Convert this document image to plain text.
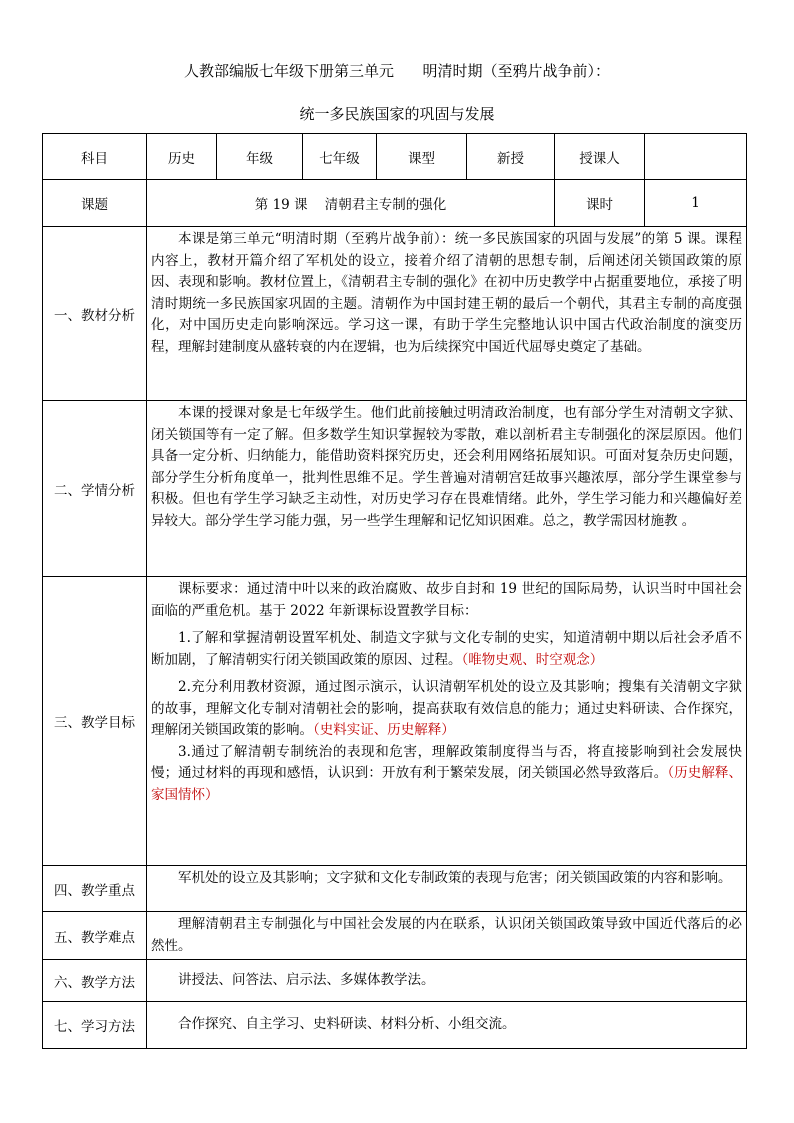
人教部编版七年级下册第三单元      明清时期（至鸦片战争前）：
统一多民族国家的巩固与发展
科目	历史	年级	七年级	课型	新授	授课人	
课题	第 19 课    清朝君主专制的强化					课时	1
一、教材分析	本课是第三单元“明清时期（至鸦片战争前）：统一多民族国家的巩固与发展”的第 5 课。课程内容上，教材开篇介绍了军机处的设立，接着介绍了清朝的思想专制，后阐述闭关锁国政策的原因、表现和影响。教材位置上，《清朝君主专制的强化》在初中历史教学中占据重要地位，承接了明清时期统一多民族国家巩固的主题。清朝作为中国封建王朝的最后一个朝代，其君主专制的高度强化，对中国历史走向影响深远。学习这一课，有助于学生完整地认识中国古代政治制度的演变历程，理解封建制度从盛转衰的内在逻辑，也为后续探究中国近代屈辱史奠定了基础。						

二、学情分析	本课的授课对象是七年级学生。他们此前接触过明清政治制度，也有部分学生对清朝文字狱、闭关锁国等有一定了解。但多数学生知识掌握较为零散，难以剖析君主专制强化的深层原因。他们具备一定分析、归纳能力，能借助资料探究历史，还会利用网络拓展知识。可面对复杂历史问题，部分学生分析角度单一，批判性思维不足。学生普遍对清朝宫廷故事兴趣浓厚，部分学生课堂参与积极。但也有学生学习缺乏主动性，对历史学习存在畏难情绪。此外，学生学习能力和兴趣偏好差异较大。部分学生学习能力强，另一些学生理解和记忆知识困难。总之，教学需因材施教 。						

三、教学目标	课标要求：通过清中叶以来的政治腐败、故步自封和 19 世纪的国际局势，认识当时中国社会面临的严重危机。基于 2022 年新课标设置教学目标：

1.了解和掌握清朝设置军机处、制造文字狱与文化专制的史实，知道清朝中期以后社会矛盾不断加剧，了解清朝实行闭关锁国政策的原因、过程。（唯物史观、时空观念）

2.充分利用教材资源，通过图示演示，认识清朝军机处的设立及其影响；搜集有关清朝文字狱的故事，理解文化专制对清朝社会的影响，提高获取有效信息的能力；通过史料研读、合作探究，理解闭关锁国政策的影响。（史料实证、历史解释）

3.通过了解清朝专制统治的表现和危害，理解政策制度得当与否，将直接影响到社会发展快慢；通过材料的再现和感悟，认识到：开放有利于繁荣发展，闭关锁国必然导致落后。（历史解释、家国情怀）						

四、教学重点	军机处的设立及其影响；文字狱和文化专制政策的表现与危害；闭关锁国政策的内容和影响。						

五、教学难点	理解清朝君主专制强化与中国社会发展的内在联系，认识闭关锁国政策导致中国近代落后的必然性。						

六、教学方法	讲授法、问答法、启示法、多媒体教学法。						

七、学习方法	合作探究、自主学习、史料研读、材料分析、小组交流。						
